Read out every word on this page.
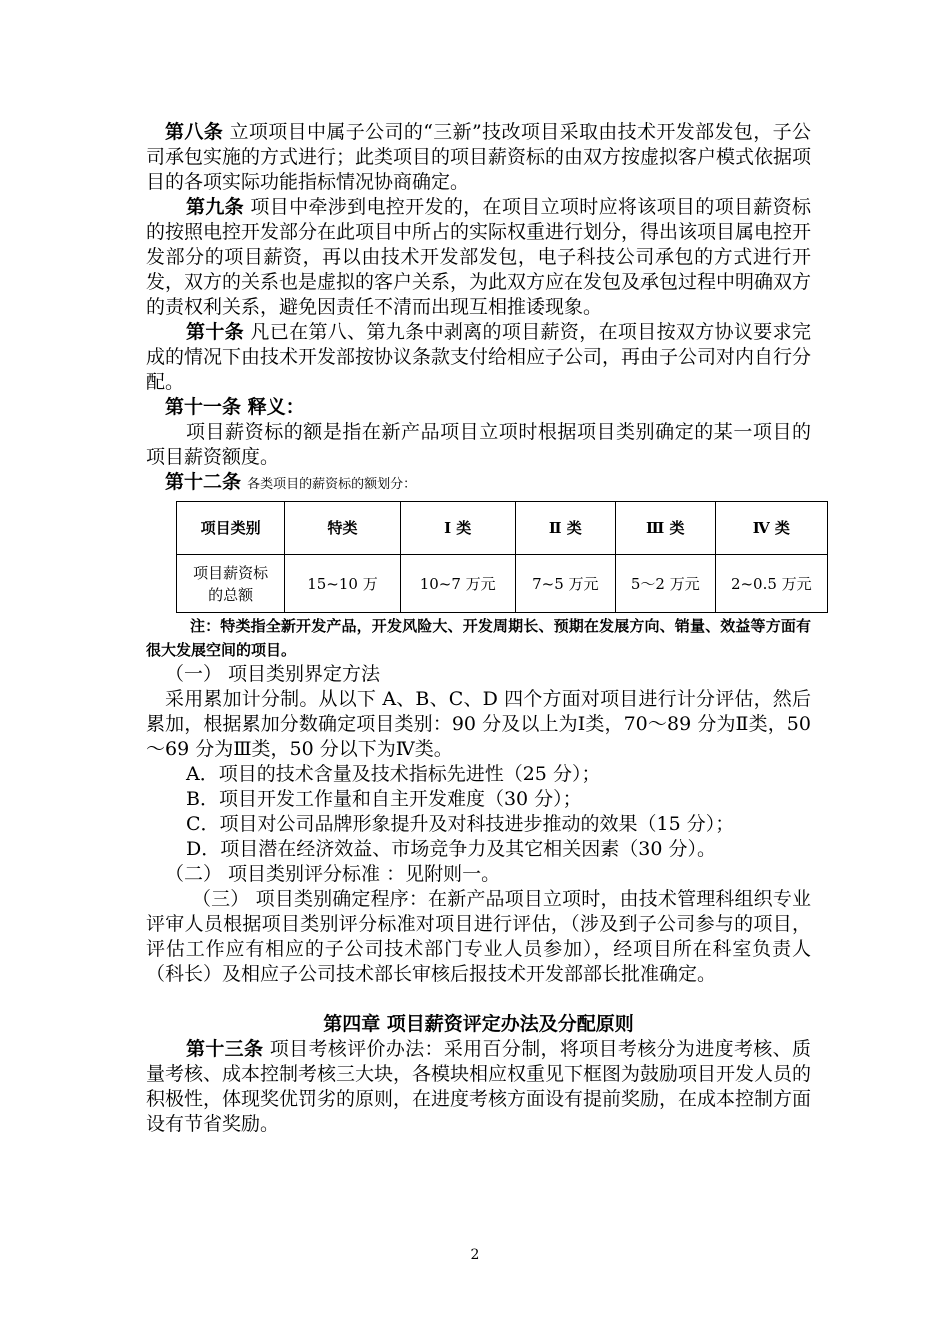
第八条 立项项目中属子公司的“三新”技改项目采取由技术开发部发包，子公司承包实施的方式进行；此类项目的项目薪资标的由双方按虚拟客户模式依据项目的各项实际功能指标情况协商确定。

第九条 项目中牵涉到电控开发的，在项目立项时应将该项目的项目薪资标的按照电控开发部分在此项目中所占的实际权重进行划分，得出该项目属电控开发部分的项目薪资，再以由技术开发部发包，电子科技公司承包的方式进行开发，双方的关系也是虚拟的客户关系，为此双方应在发包及承包过程中明确双方的责权利关系，避免因责任不清而出现互相推诿现象。

第十条 凡已在第八、第九条中剥离的项目薪资，在项目按双方协议要求完成的情况下由技术开发部按协议条款支付给相应子公司，再由子公司对内自行分配。

第十一条 释义：

项目薪资标的额是指在新产品项目立项时根据项目类别确定的某一项目的项目薪资额度。

第十二条 各类项目的薪资标的额划分：

项目类别	特类	Ⅰ 类	Ⅱ 类	Ⅲ 类	Ⅳ 类
项目薪资标的总额	15~10 万	10~7 万元	7~5 万元	5～2 万元	2~0.5 万元

注：特类指全新开发产品，开发风险大、开发周期长、预期在发展方向、销量、效益等方面有很大发展空间的项目。

（一） 项目类别界定方法

采用累加计分制。从以下 A、B、C、D 四个方面对项目进行计分评估，然后累加，根据累加分数确定项目类别：90 分及以上为Ⅰ类，70～89 分为Ⅱ类，50～69 分为Ⅲ类，50 分以下为Ⅳ类。

A．项目的技术含量及技术指标先进性（25 分）；

B．项目开发工作量和自主开发难度（30 分）；

C．项目对公司品牌形象提升及对科技进步推动的效果（15 分）；

D．项目潜在经济效益、市场竞争力及其它相关因素（30 分）。

（二） 项目类别评分标准 ：见附则一。

（三） 项目类别确定程序：在新产品项目立项时，由技术管理科组织专业评审人员根据项目类别评分标准对项目进行评估，（涉及到子公司参与的项目，评估工作应有相应的子公司技术部门专业人员参加），经项目所在科室负责人（科长）及相应子公司技术部长审核后报技术开发部部长批准确定。

第四章 项目薪资评定办法及分配原则

第十三条 项目考核评价办法：采用百分制，将项目考核分为进度考核、质量考核、成本控制考核三大块，各模块相应权重见下框图为鼓励项目开发人员的积极性，体现奖优罚劣的原则，在进度考核方面设有提前奖励，在成本控制方面设有节省奖励。

2
